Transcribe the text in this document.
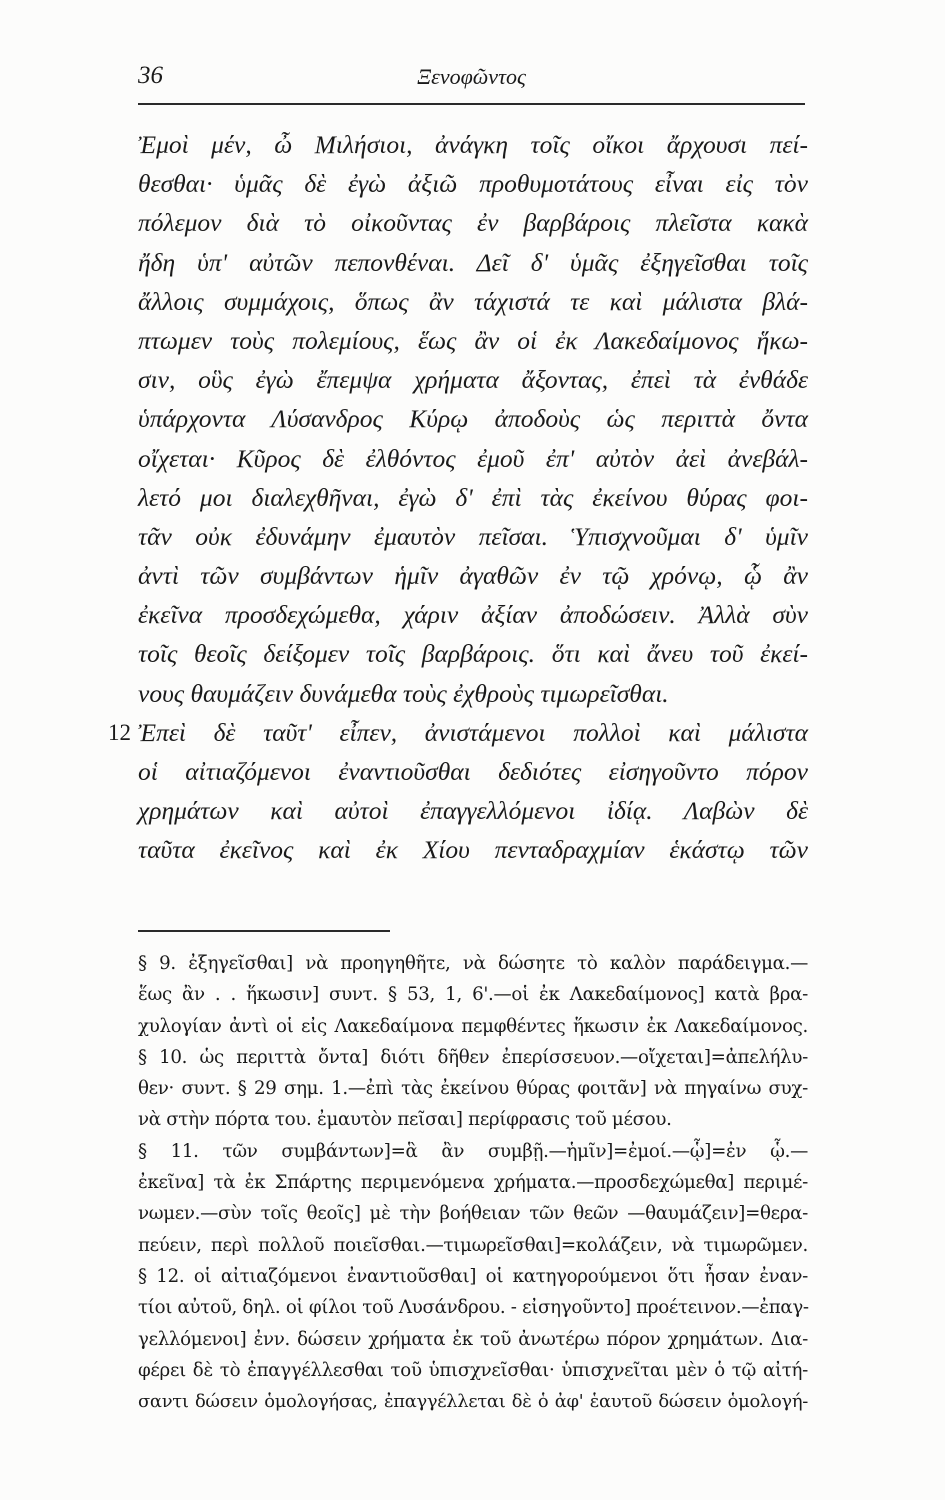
36	Ξενοφῶντος
Ἐμοὶ μέν, ὦ Μιλήσιοι, ἀνάγκη τοῖς οἴκοι ἄρχουσι πεί-
θεσθαι· ὑμᾶς δὲ ἐγὼ ἀξιῶ προθυμοτάτους εἶναι εἰς τὸν
πόλεμον διὰ τὸ οἰκοῦντας ἐν βαρβάροις πλεῖστα κακὰ
ἤδη ὑπ' αὐτῶν πεπονθέναι. Δεῖ δ' ὑμᾶς ἐξηγεῖσθαι τοῖς
ἄλλοις συμμάχοις, ὅπως ἂν τάχιστά τε καὶ μάλιστα βλά-
πτωμεν τοὺς πολεμίους, ἕως ἂν οἱ ἐκ Λακεδαίμονος ἥκω-
σιν, οὓς ἐγὼ ἔπεμψα χρήματα ἄξοντας, ἐπεὶ τὰ ἐνθάδε
ὑπάρχοντα Λύσανδρος Κύρῳ ἀποδοὺς ὡς περιττὰ ὄντα
οἴχεται· Κῦρος δὲ ἐλθόντος ἐμοῦ ἐπ' αὐτὸν ἀεὶ ἀνεβάλ-
λετό μοι διαλεχθῆναι, ἐγὼ δ' ἐπὶ τὰς ἐκείνου θύρας φοι-
τᾶν οὐκ ἐδυνάμην ἐμαυτὸν πεῖσαι. Ὑπισχνοῦμαι δ' ὑμῖν
ἀντὶ τῶν συμβάντων ἡμῖν ἀγαθῶν ἐν τῷ χρόνῳ, ᾧ ἂν
ἐκεῖνα προσδεχώμεθα, χάριν ἀξίαν ἀποδώσειν. Ἀλλὰ σὺν
τοῖς θεοῖς δείξομεν τοῖς βαρβάροις. ὅτι καὶ ἄνευ τοῦ ἐκεί-
νους θαυμάζειν δυνάμεθα τοὺς ἐχθροὺς τιμωρεῖσθαι.
12 Ἐπεὶ δὲ ταῦτ' εἶπεν, ἀνιστάμενοι πολλοὶ καὶ μάλιστα
οἱ αἰτιαζόμενοι ἐναντιοῦσθαι δεδιότες εἰσηγοῦντο πόρον
χρημάτων καὶ αὐτοὶ ἐπαγγελλόμενοι ἰδίᾳ. Λαβὼν δὲ
ταῦτα ἐκεῖνος καὶ ἐκ Χίου πενταδραχμίαν ἑκάστῳ τῶν
§ 9. ἐξηγεῖσθαι] νὰ προηγηθῆτε, νὰ δώσητε τὸ καλὸν παράδειγμα.—
ἕως ἂν . . ἥκωσιν] συντ. § 53, 1, 6'.—οἱ ἐκ Λακεδαίμονος] κατὰ βρα-
χυλογίαν ἀντὶ οἱ εἰς Λακεδαίμονα πεμφθέντες ἥκωσιν ἐκ Λακεδαίμονος.
§ 10. ὡς περιττὰ ὄντα] διότι δῆθεν ἐπερίσσευον.—οἴχεται]=ἀπελήλυ-
θεν· συντ. § 29 σημ. 1.—ἐπὶ τὰς ἐκείνου θύρας φοιτᾶν] νὰ πηγαίνω συχ-
νὰ στὴν πόρτα του. ἐμαυτὸν πεῖσαι] περίφρασις τοῦ μέσου.
§ 11. τῶν συμβάντων]=ἃ ἂν συμβῇ.—ἡμῖν]=ἐμοί.—ᾧ]=ἐν ᾧ.—
ἐκεῖνα] τὰ ἐκ Σπάρτης περιμενόμενα χρήματα.—προσδεχώμεθα] περιμέ-
νωμεν.—σὺν τοῖς θεοῖς] μὲ τὴν βοήθειαν τῶν θεῶν —θαυμάζειν]=θερα-
πεύειν, περὶ πολλοῦ ποιεῖσθαι.—τιμωρεῖσθαι]=κολάζειν, νὰ τιμωρῶμεν.
§ 12. οἱ αἰτιαζόμενοι ἐναντιοῦσθαι] οἱ κατηγορούμενοι ὅτι ἦσαν ἐναν-
τίοι αὐτοῦ, δηλ. οἱ φίλοι τοῦ Λυσάνδρου. - εἰσηγοῦντο] προέτεινον.—ἐπαγ-
γελλόμενοι] ἐνν. δώσειν χρήματα ἐκ τοῦ ἀνωτέρω πόρον χρημάτων. Δια-
φέρει δὲ τὸ ἐπαγγέλλεσθαι τοῦ ὑπισχνεῖσθαι· ὑπισχνεῖται μὲν ὁ τῷ αἰτή-
σαντι δώσειν ὁμολογήσας, ἐπαγγέλλεται δὲ ὁ ἀφ' ἑαυτοῦ δώσειν ὁμολογή-
